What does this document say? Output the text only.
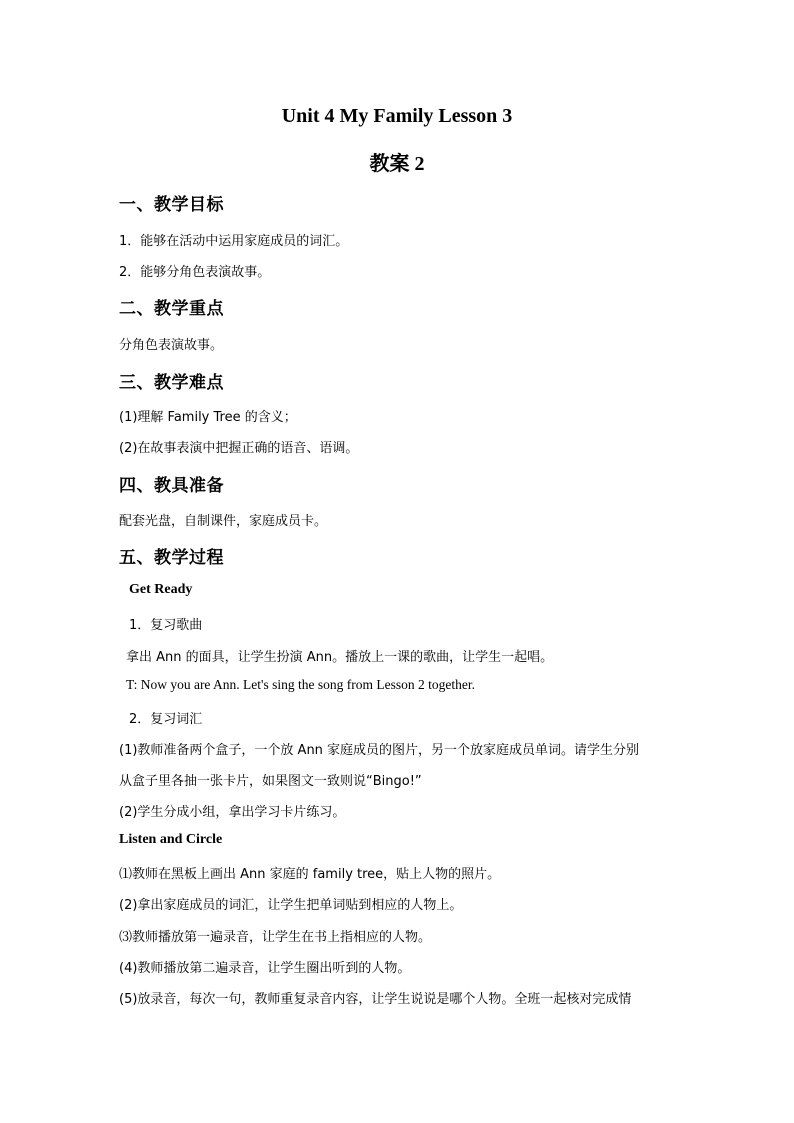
Unit 4 My Family Lesson 3
教案 2
一、教学目标
1．能够在活动中运用家庭成员的词汇。
2．能够分角色表演故事。
二、教学重点
分角色表演故事。
三、教学难点
(1)理解 Family Tree 的含义；
(2)在故事表演中把握正确的语音、语调。
四、教具准备
配套光盘，自制课件，家庭成员卡。
五、教学过程
Get Ready
1．复习歌曲
拿出 Ann 的面具，让学生扮演 Ann。播放上一课的歌曲，让学生一起唱。
T: Now you are Ann. Let's sing the song from Lesson 2 together.
2．复习词汇
(1)教师准备两个盒子，一个放 Ann 家庭成员的图片，另一个放家庭成员单词。请学生分别
从盒子里各抽一张卡片，如果图文一致则说“Bingo!”
(2)学生分成小组，拿出学习卡片练习。
Listen and Circle
⑴教师在黑板上画出 Ann 家庭的 family tree，贴上人物的照片。
(2)拿出家庭成员的词汇，让学生把单词贴到相应的人物上。
⑶教师播放第一遍录音，让学生在书上指相应的人物。
(4)教师播放第二遍录音，让学生圈出听到的人物。
(5)放录音，每次一句，教师重复录音内容，让学生说说是哪个人物。全班一起核对完成情
